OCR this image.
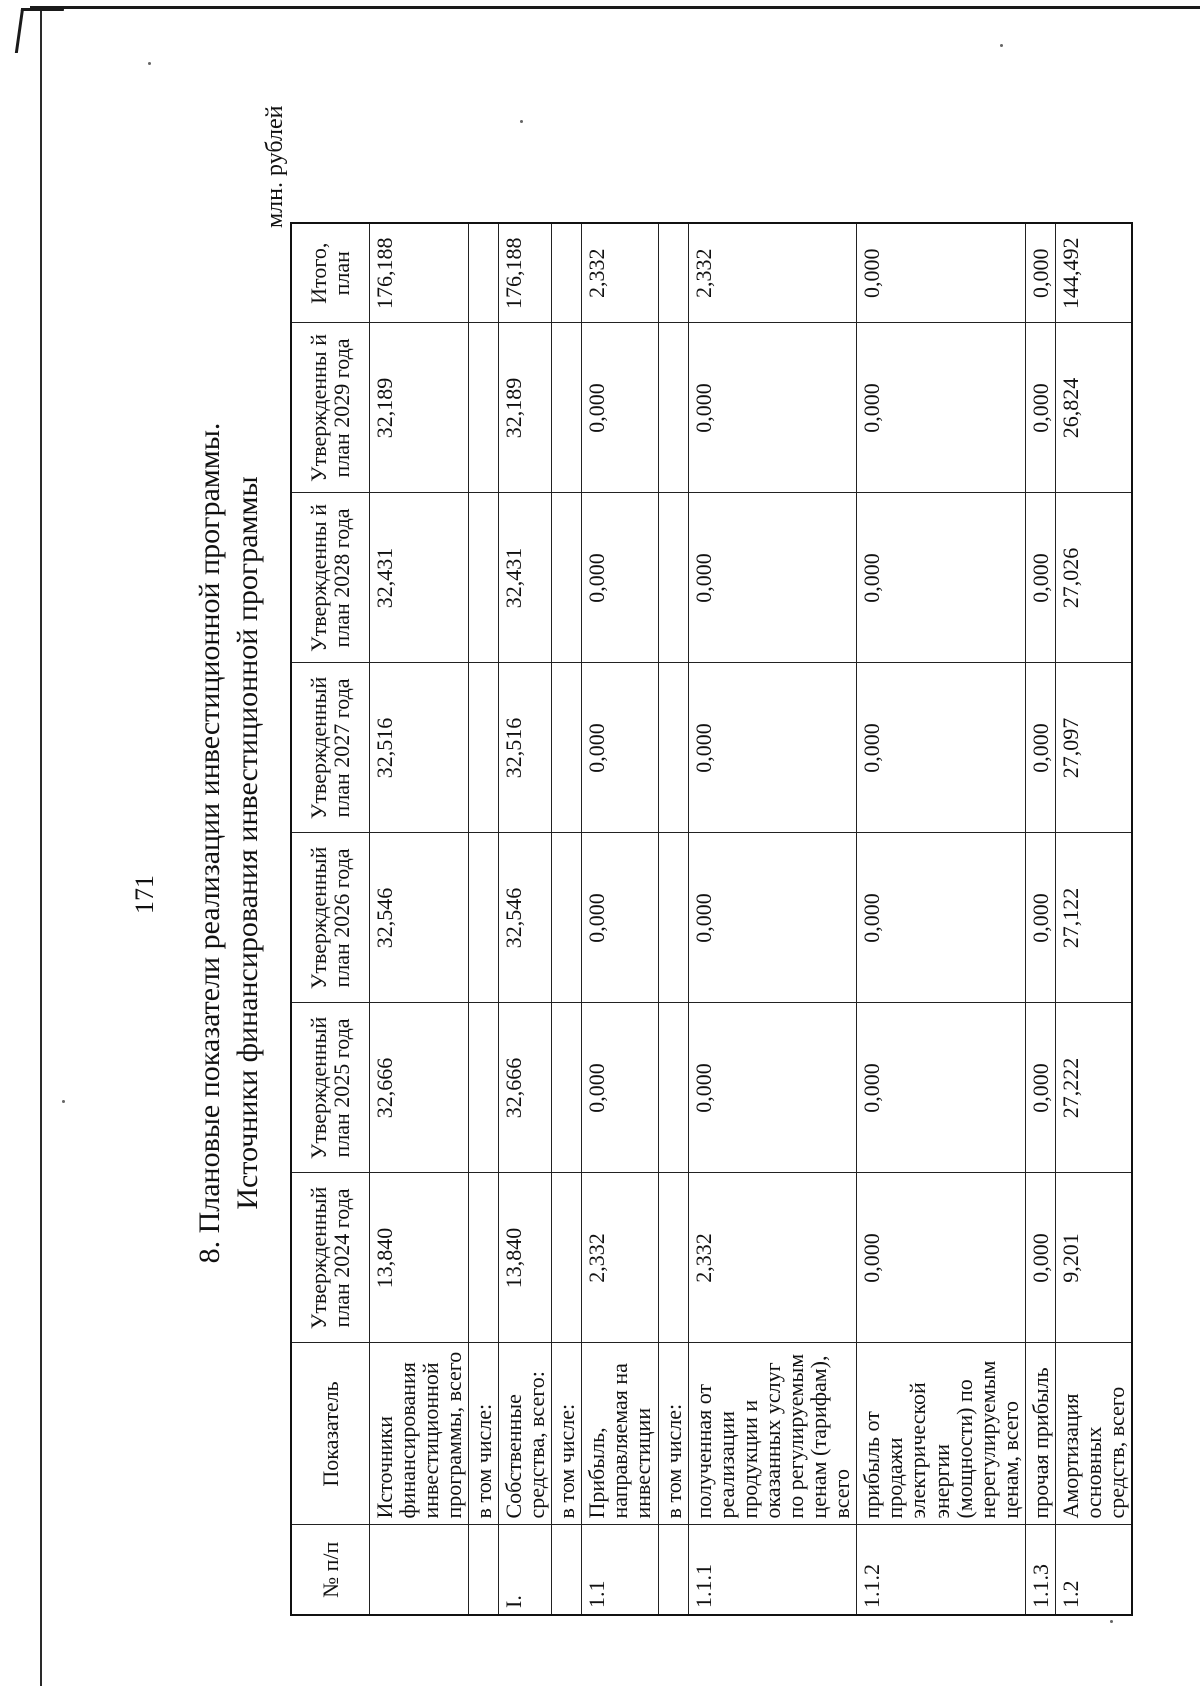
171 8. Плановые показатели реализации инвестиционной программы. Источники финансирования инвестиционной программы
млн. рублей
№ п/п	Показатель	Утвержденный план 2024 года	Утвержденный план 2025 года	Утвержденный план 2026 года	Утвержденный план 2027 года	Утвержденны й план 2028 года	Утвержденны й план 2029 года	Итого, план
	Источники финансирования инвестиционной программы, всего	13,840	32,666	32,546	32,516	32,431	32,189	176,188
	в том числе:							
I.	Собственные средства, всего:	13,840	32,666	32,546	32,516	32,431	32,189	176,188
	в том числе:							
1.1	Прибыль, направляемая на инвестиции	2,332	0,000	0,000	0,000	0,000	0,000	2,332
	в том числе:							
1.1.1	полученная от реализации продукции и оказанных услуг по регулируемым ценам (тарифам), всего	2,332	0,000	0,000	0,000	0,000	0,000	2,332
1.1.2	прибыль от продажи электрической энергии (мощности) по нерегулируемым ценам, всего	0,000	0,000	0,000	0,000	0,000	0,000	0,000
1.1.3	прочая прибыль	0,000	0,000	0,000	0,000	0,000	0,000	0,000
1.2	Амортизация основных средств, всего	9,201	27,222	27,122	27,097	27,026	26,824	144,492
